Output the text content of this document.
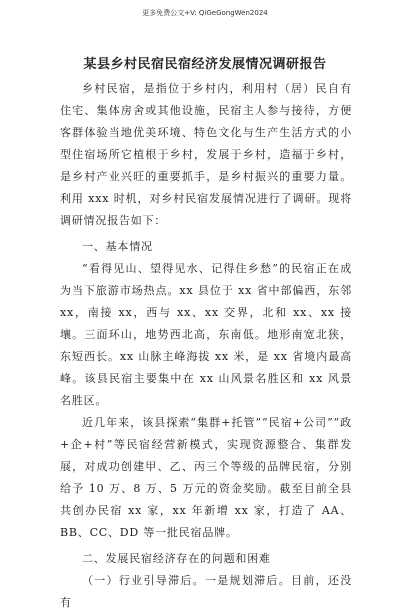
更多免费公文+V: QiGeGongWen2024
某县乡村民宿民宿经济发展情况调研报告

乡村民宿，是指位于乡村内，利用村（居）民自有住宅、集体房舍或其他设施，民宿主人参与接待，方便客群体验当地优美环境、特色文化与生产生活方式的小型住宿场所它植根于乡村，发展于乡村，造福于乡村，是乡村产业兴旺的重要抓手，是乡村振兴的重要力量。利用 xxx 时机，对乡村民宿发展情况进行了调研。现将调研情况报告如下：

一、基本情况

“看得见山、望得见水、记得住乡愁”的民宿正在成为当下旅游市场热点。xx 县位于 xx 省中部偏西，东邻 xx，南接 xx，西与 xx、xx 交界，北和 xx、xx 接壤。三面环山，地势西北高，东南低。地形南宽北狭，东短西长。xx 山脉主峰海拔 xx 米，是 xx 省境内最高峰。该县民宿主要集中在 xx 山风景名胜区和 xx 风景名胜区。

近几年来，该县探索“集群+托管”“民宿+公司”“政+企+村”等民宿经营新模式，实现资源整合、集群发展，对成功创建甲、乙、丙三个等级的品牌民宿，分别给予 10 万、8 万、5 万元的资金奖励。截至目前全县共创办民宿 xx 家，xx 年新增 xx 家，打造了 AA、BB、CC、DD 等一批民宿品牌。

二、发展民宿经济存在的问题和困难

（一）行业引导滞后。一是规划滞后。目前，还没有
